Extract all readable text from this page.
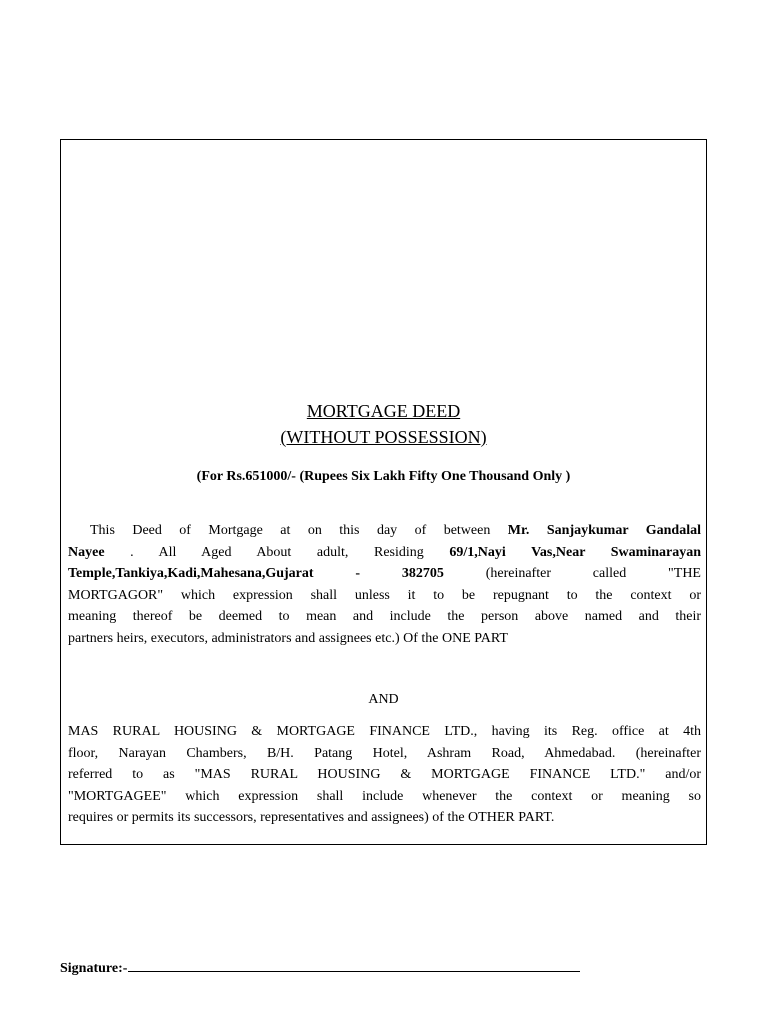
MORTGAGE DEED
(WITHOUT POSSESSION)
(For Rs.651000/- (Rupees Six Lakh Fifty One Thousand Only )
This Deed of Mortgage at on this day of between Mr. Sanjaykumar Gandalal
Nayee . All Aged About adult, Residing 69/1,Nayi Vas,Near Swaminarayan
Temple,Tankiya,Kadi,Mahesana,Gujarat - 382705 (hereinafter called "THE
MORTGAGOR" which expression shall unless it to be repugnant to the context or
meaning thereof be deemed to mean and include the person above named and their
partners heirs, executors, administrators and assignees etc.) Of the ONE PART
AND
MAS RURAL HOUSING & MORTGAGE FINANCE LTD., having its Reg. office at 4th
floor, Narayan Chambers, B/H. Patang Hotel, Ashram Road, Ahmedabad. (hereinafter
referred to as "MAS RURAL HOUSING & MORTGAGE FINANCE LTD." and/or
"MORTGAGEE" which expression shall include whenever the context or meaning so
requires or permits its successors, representatives and assignees) of the OTHER PART.
Signature:-
